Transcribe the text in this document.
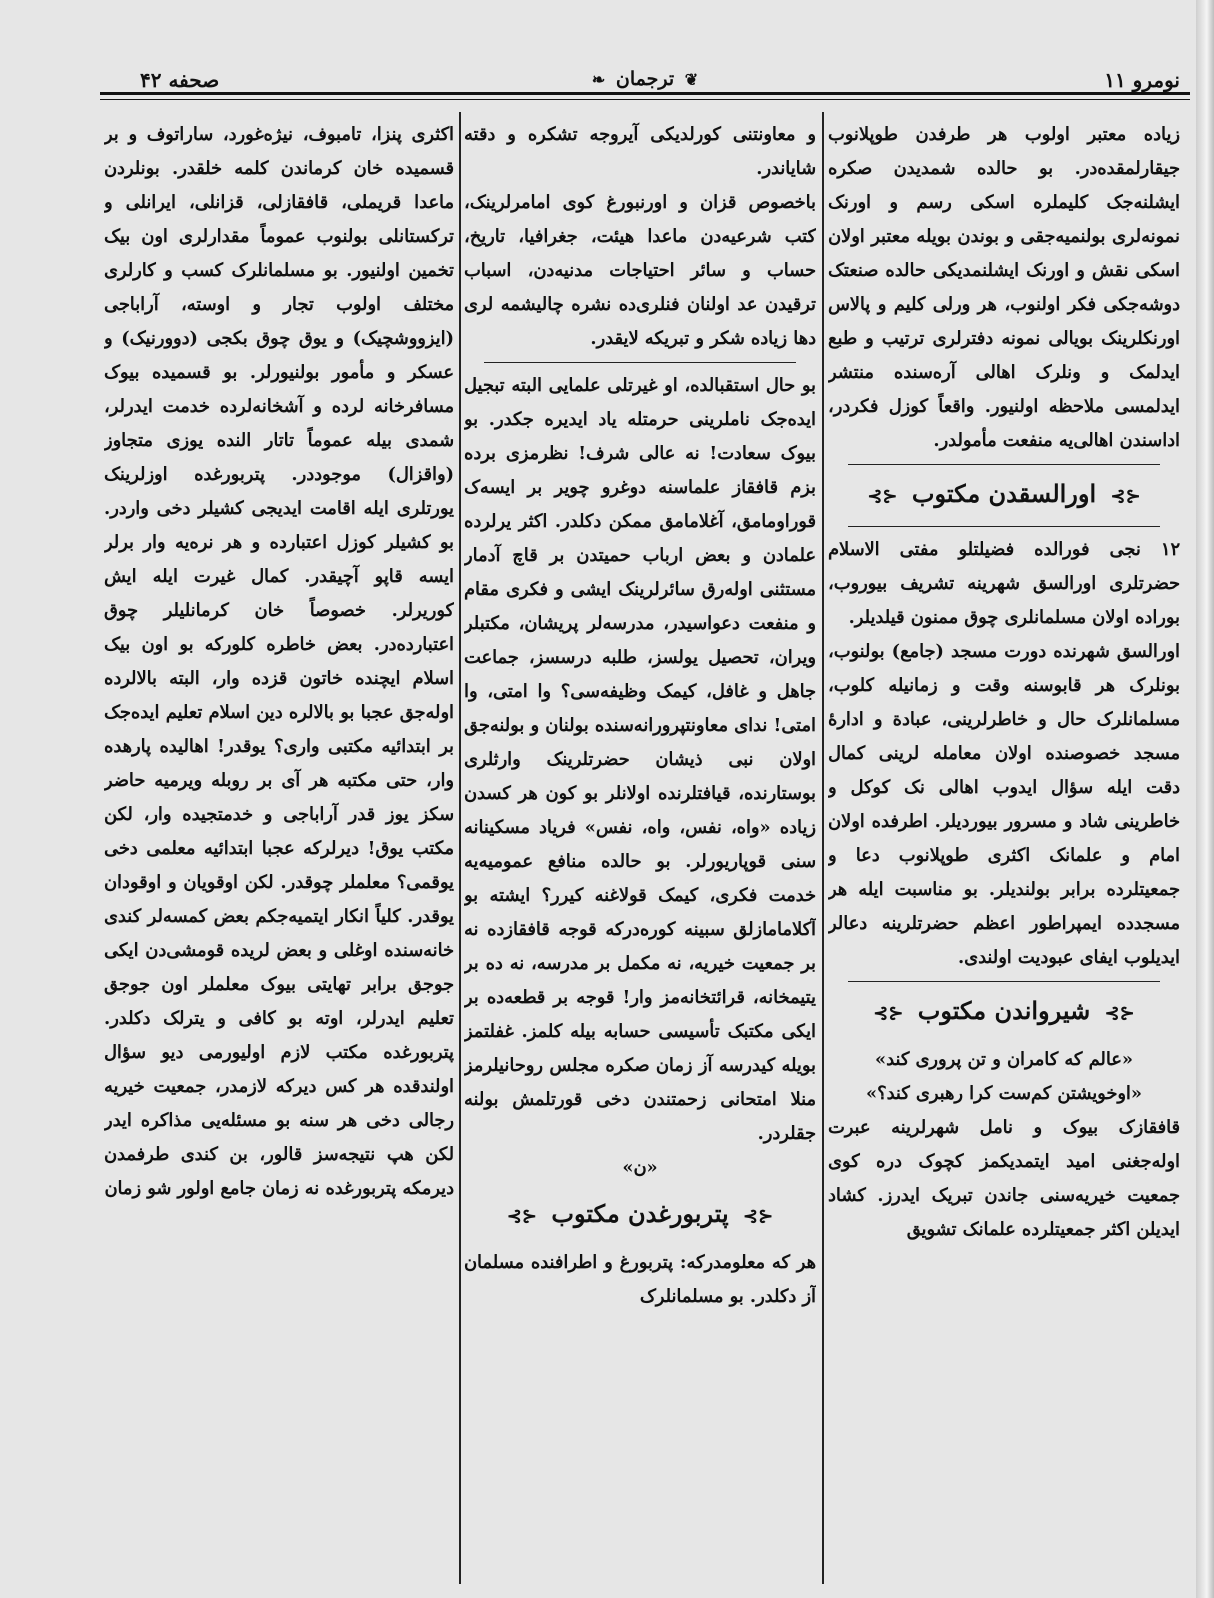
نومرو ۱۱
❦ ترجمان ❧
صحفه ۴۲

زیاده معتبر اولوب هر طرفدن طوپلانوب جیقارلمقده‌در. بو حالده شمدیدن صکره ایشلنه‌جک کلیملره اسکی رسم و اورنک نمونه‌لری بولنمیه‌جقی و بوندن بویله معتبر اولان اسکی نقش و اورنک ایشلنمدیکی حالده صنعتک دوشه‌جکی فکر اولنوب، هر ورلی کلیم و پالاس اورنکلرینک بویالی نمونه دفترلری ترتیب و طبع ایدلمک و ونلرک اهالی آره‌سنده منتشر ایدلمسی ملاحظه اولنیور. واقعاً کوزل فکردر، اداسندن اهالی‌یه منفعت مأمولدر.

⊰⊱ اورالسقدن مکتوب ⊰⊱

۱۲ نجی فورالده فضیلتلو مفتی الاسلام حضرتلری اورالسق شهرینه تشریف بیوروب، بوراده اولان مسلمانلری چوق ممنون قیلدیلر.

اورالسق شهرنده دورت مسجد (جامع) بولنوب، بونلرک هر قابوسنه وقت و زمانیله کلوب، مسلمانلرک حال و خاطرلرینی، عبادة و ادارهٔ مسجد خصوصنده اولان معامله لرینی کمال دقت ایله سؤال ایدوب اهالی نک کوکل و خاطرینی شاد و مسرور بیوردیلر. اطرفده اولان امام و علمانک اکثری طوپلانوب دعا و جمعیتلرده برابر بولندیلر. بو مناسبت ایله هر مسجدده ایمپراطور اعظم حضرتلرینه دعالر ایدیلوب ایفای عبودیت اولندی.

⊰⊱ شیرواندن مکتوب ⊰⊱

«عالم که کامران و تن پروری کند»

«اوخویشتن کم‌ست کرا رهبری کند؟»

قافقازک بیوک و نامل شهرلرینه عبرت اوله‌جغنی امید ایتمدیکمز کچوک دره کوی جمعیت خیریه‌سنی جاندن تبریک ایدرز. کشاد ایدیلن اکثر جمعیتلرده علمانک تشویق

و معاونتنی کورلدیکی آیروجه تشکره و دقته شایاندر.

باخصوص قزان و اورنبورغ کوی امامرلرینک، کتب شرعیه‌دن ماعدا هیئت، جغرافیا، تاریخ، حساب و سائر احتیاجات مدنیه‌دن، اسباب ترقیدن عد اولنان فنلری‌ده نشره چالیشمه لری دها زیاده شکر و تبریکه لایقدر.

بو حال استقبالده، او غیرتلی علمایی البته تبجیل ایده‌جک ناملرینی حرمتله یاد ایدیره جکدر. بو بیوک سعادت! نه عالی شرف! نظرمزی برده بزم قافقاز علماسنه دوغرو چویر بر ایسه‌ک قوراومامق، آغلامامق ممکن دکلدر. اکثر یرلرده علمادن و بعض ارباب حمیتدن بر قاچ آدمار مستثنی اوله‌رق سائرلرینک ایشی و فکری مقام و منفعت دعواسیدر، مدرسه‌لر پریشان، مکتبلر ویران، تحصیل یولسز، طلبه درسسز، جماعت جاهل و غافل، کیمک وظیفه‌سی؟ وا امتی، وا امتی! ندای معاونتپرورانه‌سنده بولنان و بولنه‌جق اولان نبی ذیشان حضرتلرینک وارثلری بوستارنده، قیافتلرنده اولانلر بو کون هر کسدن زیاده «واه، نفس، واه، نفس» فریاد مسکینانه سنی قوپاریورلر. بو حالده منافع عمومیه‌یه خدمت فکری، کیمک قولاغنه کیرر؟ ایشته بو آکلامامازلق سبینه کوره‌درکه قوجه قافقازده نه بر جمعیت خیریه، نه مکمل بر مدرسه، نه ده بر یتیمخانه، قرائتخانه‌مز وار! قوجه بر قطعه‌ده بر ایکی مکتبک تأسیسی حسابه بیله کلمز. غفلتمز بویله کیدرسه آز زمان صکره مجلس روحانیلرمز منلا امتحانی زحمتندن دخی قورتلمش بولنه جقلردر.

«ن»

⊰⊱ پتربورغدن مکتوب ⊰⊱

هر که معلومدرکه: پتربورغ و اطرافنده مسلمان آز دکلدر. بو مسلمانلرک

اکثری پنزا، تامبوف، نیژه‌غورد، ساراتوف و بر قسمیده خان کرماندن کلمه خلقدر. بونلردن ماعدا قریملی، قافقازلی، قزانلی، ایرانلی و ترکستانلی بولنوب عموماً مقدارلری اون بیک تخمین اولنیور. بو مسلمانلرک کسب و کارلری مختلف اولوب تجار و اوسته، آراباجی (ایزووشچیک) و یوق چوق بکجی (دوورنیک) و عسکر و مأمور بولنیورلر. بو قسمیده بیوک مسافرخانه لرده و آشخانه‌لرده خدمت ایدرلر، شمدی بیله عموماً تاتار النده یوزی متجاوز (واقزال) موجوددر. پتربورغده اوزلرینک یورتلری ایله اقامت ایدیجی کشیلر دخی واردر. بو کشیلر کوزل اعتبارده و هر نره‌یه وار برلر ایسه قاپو آچیقدر. کمال غیرت ایله ایش کوریرلر. خصوصاً خان کرمانلیلر چوق اعتبارده‌در. بعض خاطره کلورکه بو اون بیک اسلام ایچنده خاتون قزده وار، البته بالالرده اوله‌جق عجبا بو بالالره دین اسلام تعلیم ایده‌جک بر ابتدائیه مکتبی واری؟ یوقدر! اهالیده پارهده وار، حتی مکتبه هر آی بر روبله ویرمیه حاضر سکز یوز قدر آراباجی و خدمتجیده وار، لکن مکتب یوق! دیرلرکه عجبا ابتدائیه معلمی دخی یوقمی؟ معلملر چوقدر. لکن اوقویان و اوقودان یوقدر. کلیاً انکار ایتمیه‌جکم بعض کمسه‌لر کندی خانه‌سنده اوغلی و بعض لریده قومشی‌دن ایکی جوجق برابر تهایتی بیوک معلملر اون جوجق تعلیم ایدرلر، اوته بو کافی و یترلک دکلدر. پتربورغده مکتب لازم اولیورمی دیو سؤال اولندقده هر کس دیرکه لازمدر، جمعیت خیریه رجالی دخی هر سنه بو مسئله‌یی مذاکره ایدر لکن هپ نتیجه‌سز قالور، بن کندی طرفمدن دیرمکه پتربورغده نه زمان جامع اولور شو زمان
